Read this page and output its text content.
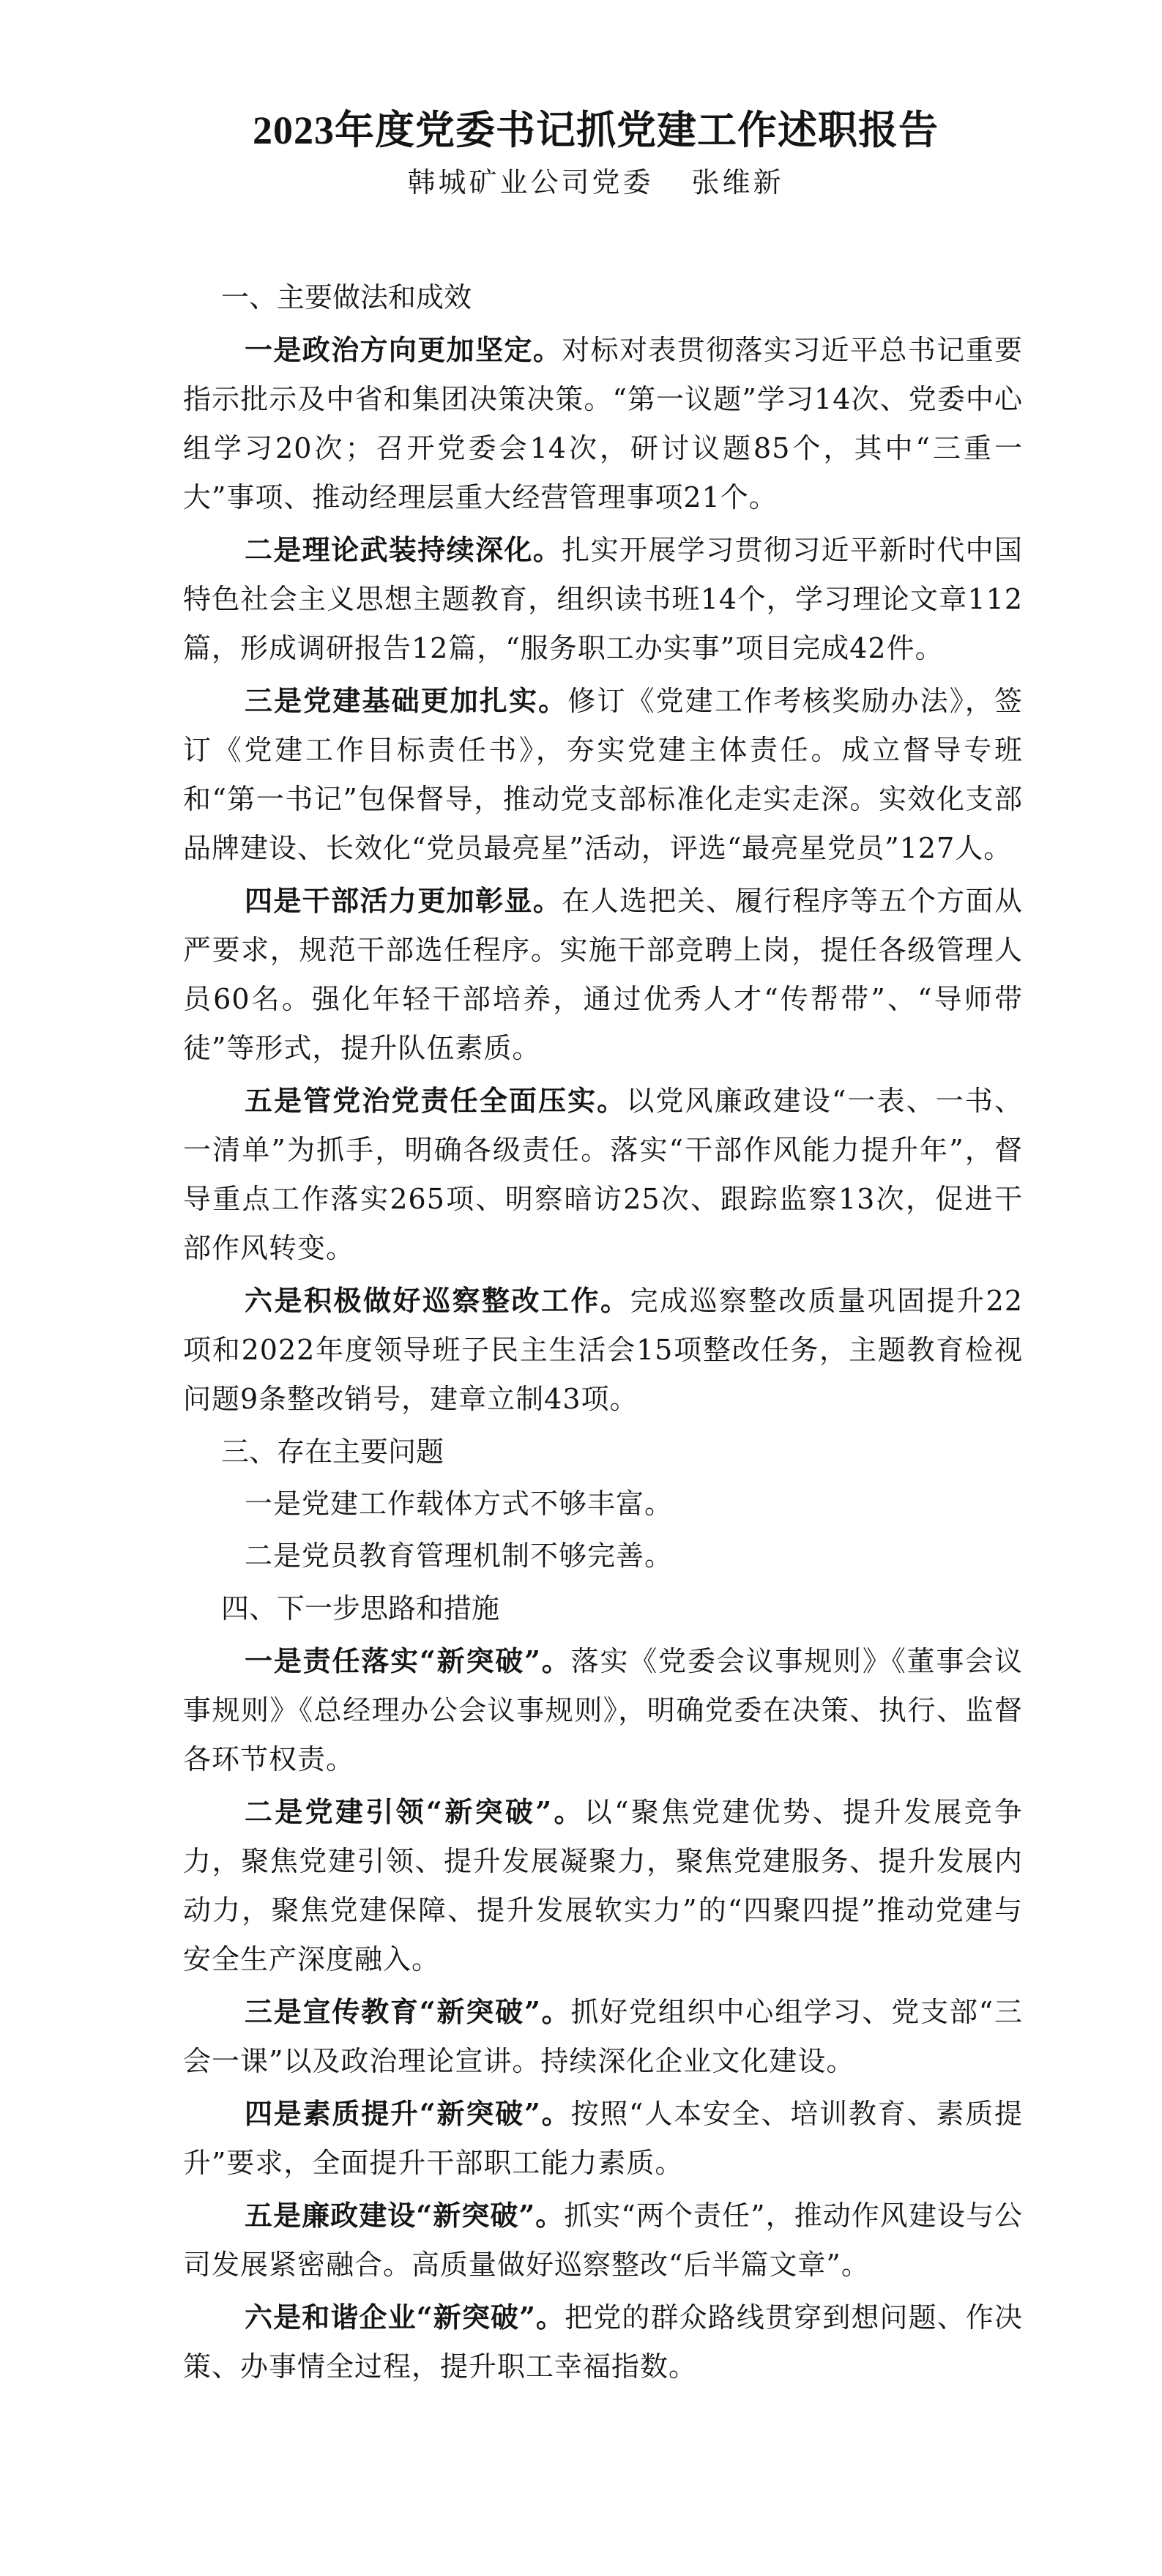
2023年度党委书记抓党建工作述职报告
韩城矿业公司党委 张维新
一、主要做法和成效

一是政治方向更加坚定。对标对表贯彻落实习近平总书记重要指示批示及中省和集团决策决策。“第一议题”学习14次、党委中心组学习20次；召开党委会14次，研讨议题85个，其中“三重一大”事项、推动经理层重大经营管理事项21个。

二是理论武装持续深化。扎实开展学习贯彻习近平新时代中国特色社会主义思想主题教育，组织读书班14个，学习理论文章112篇，形成调研报告12篇，“服务职工办实事”项目完成42件。

三是党建基础更加扎实。修订《党建工作考核奖励办法》，签订《党建工作目标责任书》，夯实党建主体责任。成立督导专班和“第一书记”包保督导，推动党支部标准化走实走深。实效化支部品牌建设、长效化“党员最亮星”活动，评选“最亮星党员”127人。

四是干部活力更加彰显。在人选把关、履行程序等五个方面从严要求，规范干部选任程序。实施干部竞聘上岗，提任各级管理人员60名。强化年轻干部培养，通过优秀人才“传帮带”、“导师带徒”等形式，提升队伍素质。

五是管党治党责任全面压实。以党风廉政建设“一表、一书、一清单”为抓手，明确各级责任。落实“干部作风能力提升年”，督导重点工作落实265项、明察暗访25次、跟踪监察13次，促进干部作风转变。

六是积极做好巡察整改工作。完成巡察整改质量巩固提升22项和2022年度领导班子民主生活会15项整改任务，主题教育检视问题9条整改销号，建章立制43项。

三、存在主要问题

一是党建工作载体方式不够丰富。

二是党员教育管理机制不够完善。

四、下一步思路和措施

一是责任落实“新突破”。落实《党委会议事规则》《董事会议事规则》《总经理办公会议事规则》，明确党委在决策、执行、监督各环节权责。

二是党建引领“新突破”。以“聚焦党建优势、提升发展竞争力，聚焦党建引领、提升发展凝聚力，聚焦党建服务、提升发展内动力，聚焦党建保障、提升发展软实力”的“四聚四提”推动党建与安全生产深度融入。

三是宣传教育“新突破”。抓好党组织中心组学习、党支部“三会一课”以及政治理论宣讲。持续深化企业文化建设。

四是素质提升“新突破”。按照“人本安全、培训教育、素质提升”要求，全面提升干部职工能力素质。

五是廉政建设“新突破”。抓实“两个责任”，推动作风建设与公司发展紧密融合。高质量做好巡察整改“后半篇文章”。

六是和谐企业“新突破”。把党的群众路线贯穿到想问题、作决策、办事情全过程，提升职工幸福指数。
